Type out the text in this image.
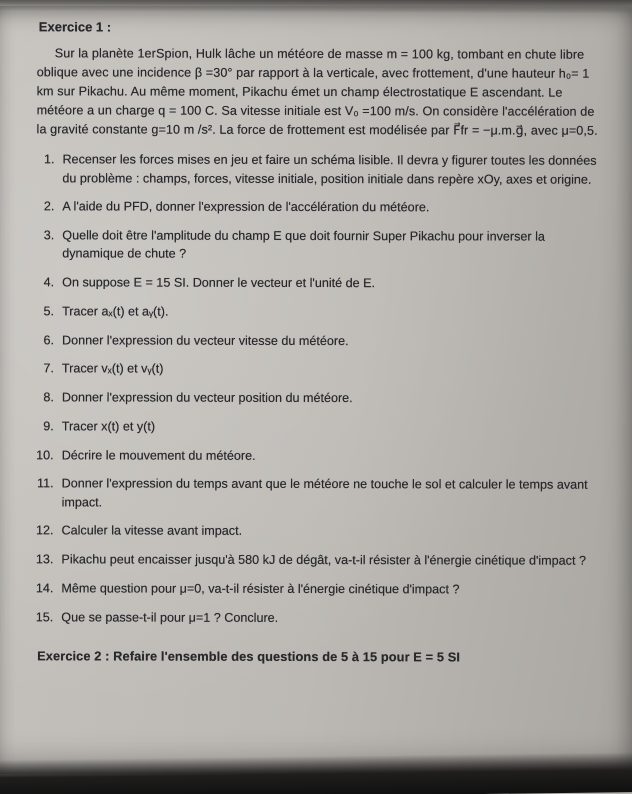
Exercice 1 :

Sur la planète 1erSpion, Hulk lâche un météore de masse m = 100 kg, tombant en chute libre oblique avec une incidence β =30° par rapport à la verticale, avec frottement, d'une hauteur h₀= 1 km sur Pikachu. Au même moment, Pikachu émet un champ électrostatique E ascendant. Le météore a un charge q = 100 C. Sa vitesse initiale est V₀ =100 m/s. On considère l'accélération de la gravité constante g=10 m /s². La force de frottement est modélisée par F⃗fr = −μ.m.g⃗, avec μ=0,5.

1. Recenser les forces mises en jeu et faire un schéma lisible. Il devra y figurer toutes les données du problème : champs, forces, vitesse initiale, position initiale dans repère xOy, axes et origine.
2. A l'aide du PFD, donner l'expression de l'accélération du météore.
3. Quelle doit être l'amplitude du champ E que doit fournir Super Pikachu pour inverser la dynamique de chute ?
4. On suppose E = 15 SI. Donner le vecteur et l'unité de E.
5. Tracer aₓ(t) et aᵧ(t).
6. Donner l'expression du vecteur vitesse du météore.
7. Tracer vₓ(t) et vᵧ(t)
8. Donner l'expression du vecteur position du météore.
9. Tracer x(t) et y(t)
10. Décrire le mouvement du météore.
11. Donner l'expression du temps avant que le météore ne touche le sol et calculer le temps avant impact.
12. Calculer la vitesse avant impact.
13. Pikachu peut encaisser jusqu'à 580 kJ de dégât, va-t-il résister à l'énergie cinétique d'impact ?
14. Même question pour μ=0, va-t-il résister à l'énergie cinétique d'impact ?
15. Que se passe-t-il pour μ=1 ? Conclure.
Exercice 2 : Refaire l'ensemble des questions de 5 à 15 pour E = 5 SI
